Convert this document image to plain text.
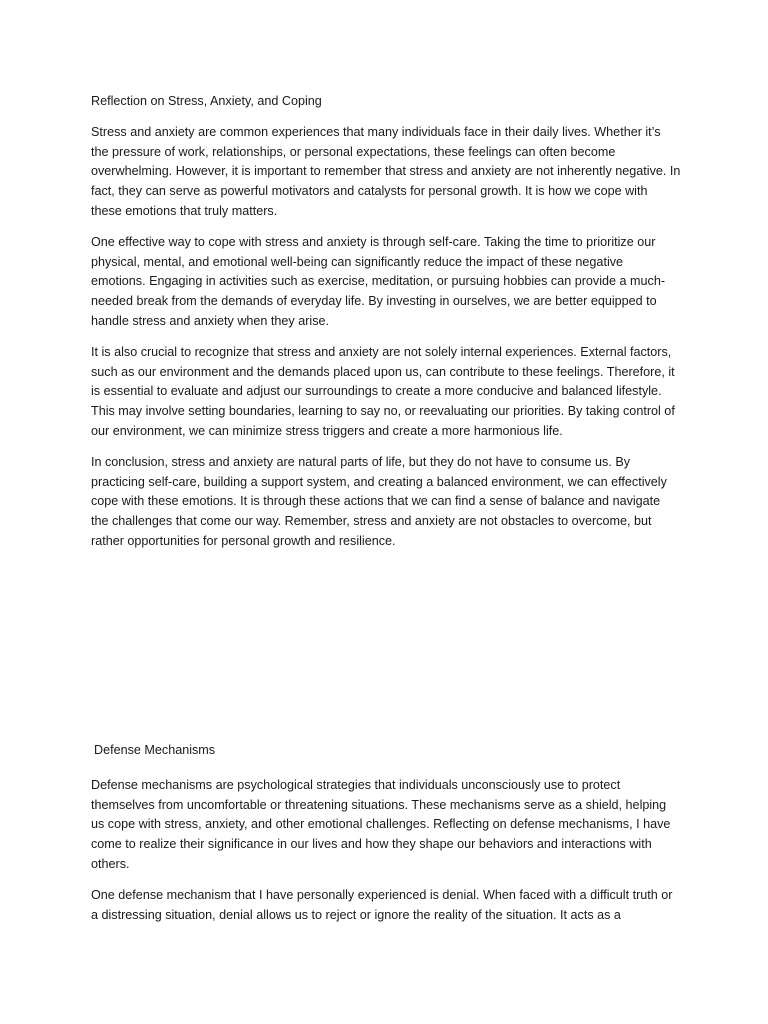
Reflection on Stress, Anxiety, and Coping

Stress and anxiety are common experiences that many individuals face in their daily lives. Whether it’s the pressure of work, relationships, or personal expectations, these feelings can often become overwhelming. However, it is important to remember that stress and anxiety are not inherently negative. In fact, they can serve as powerful motivators and catalysts for personal growth. It is how we cope with these emotions that truly matters.

One effective way to cope with stress and anxiety is through self-care. Taking the time to prioritize our physical, mental, and emotional well-being can significantly reduce the impact of these negative emotions. Engaging in activities such as exercise, meditation, or pursuing hobbies can provide a much-needed break from the demands of everyday life. By investing in ourselves, we are better equipped to handle stress and anxiety when they arise.

It is also crucial to recognize that stress and anxiety are not solely internal experiences. External factors, such as our environment and the demands placed upon us, can contribute to these feelings. Therefore, it is essential to evaluate and adjust our surroundings to create a more conducive and balanced lifestyle. This may involve setting boundaries, learning to say no, or reevaluating our priorities. By taking control of our environment, we can minimize stress triggers and create a more harmonious life.

In conclusion, stress and anxiety are natural parts of life, but they do not have to consume us. By practicing self-care, building a support system, and creating a balanced environment, we can effectively cope with these emotions. It is through these actions that we can find a sense of balance and navigate the challenges that come our way. Remember, stress and anxiety are not obstacles to overcome, but rather opportunities for personal growth and resilience.

Defense Mechanisms

Defense mechanisms are psychological strategies that individuals unconsciously use to protect themselves from uncomfortable or threatening situations. These mechanisms serve as a shield, helping us cope with stress, anxiety, and other emotional challenges. Reflecting on defense mechanisms, I have come to realize their significance in our lives and how they shape our behaviors and interactions with others.

One defense mechanism that I have personally experienced is denial. When faced with a difficult truth or a distressing situation, denial allows us to reject or ignore the reality of the situation. It acts as a
